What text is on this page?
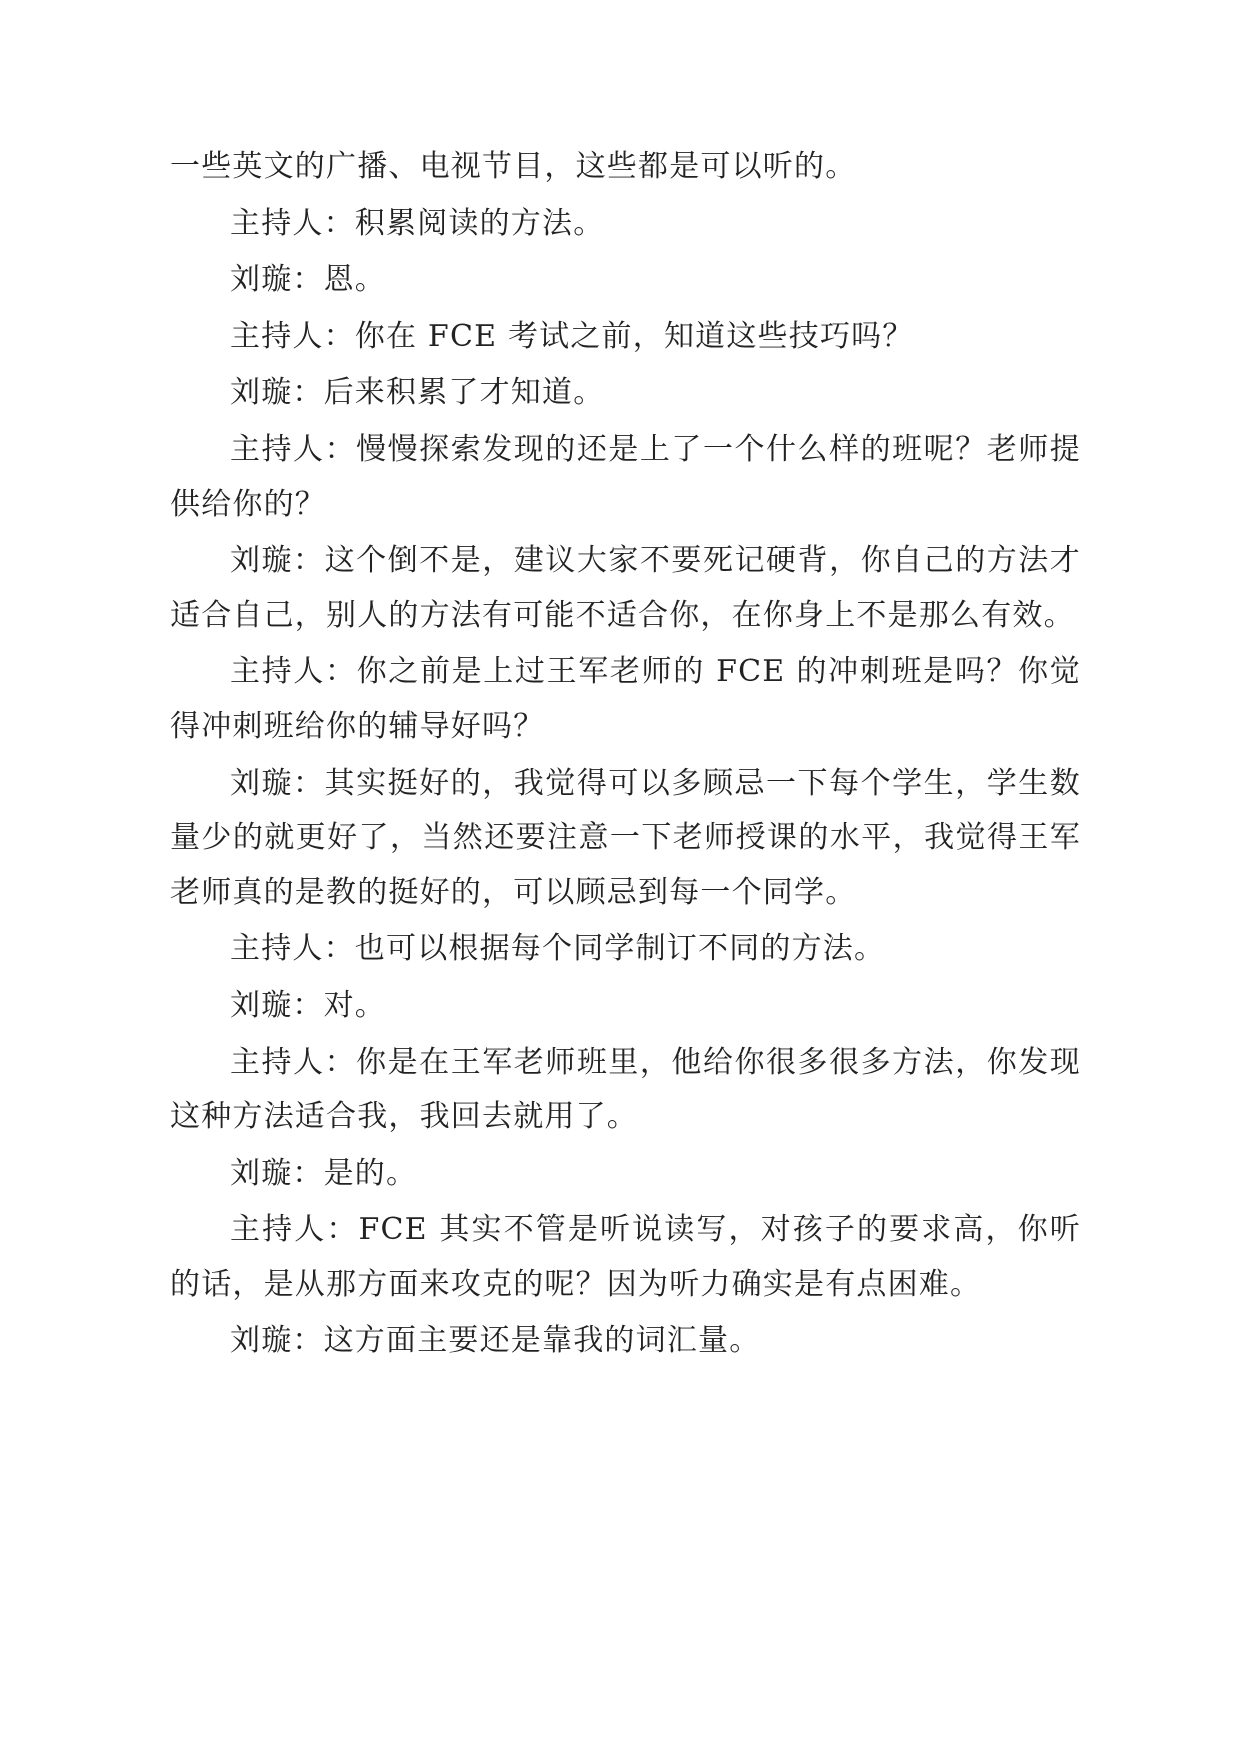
一些英文的广播、电视节目，这些都是可以听的。

主持人：积累阅读的方法。

刘璇：恩。

主持人：你在 FCE 考试之前，知道这些技巧吗？

刘璇：后来积累了才知道。

主持人：慢慢探索发现的还是上了一个什么样的班呢？老师提供给你的？

刘璇：这个倒不是，建议大家不要死记硬背，你自己的方法才适合自己，别人的方法有可能不适合你，在你身上不是那么有效。

主持人：你之前是上过王军老师的 FCE 的冲刺班是吗？你觉得冲刺班给你的辅导好吗？

刘璇：其实挺好的，我觉得可以多顾忌一下每个学生，学生数量少的就更好了，当然还要注意一下老师授课的水平，我觉得王军老师真的是教的挺好的，可以顾忌到每一个同学。

主持人：也可以根据每个同学制订不同的方法。

刘璇：对。

主持人：你是在王军老师班里，他给你很多很多方法，你发现这种方法适合我，我回去就用了。

刘璇：是的。

主持人：FCE 其实不管是听说读写，对孩子的要求高，你听的话，是从那方面来攻克的呢？因为听力确实是有点困难。

刘璇：这方面主要还是靠我的词汇量。
